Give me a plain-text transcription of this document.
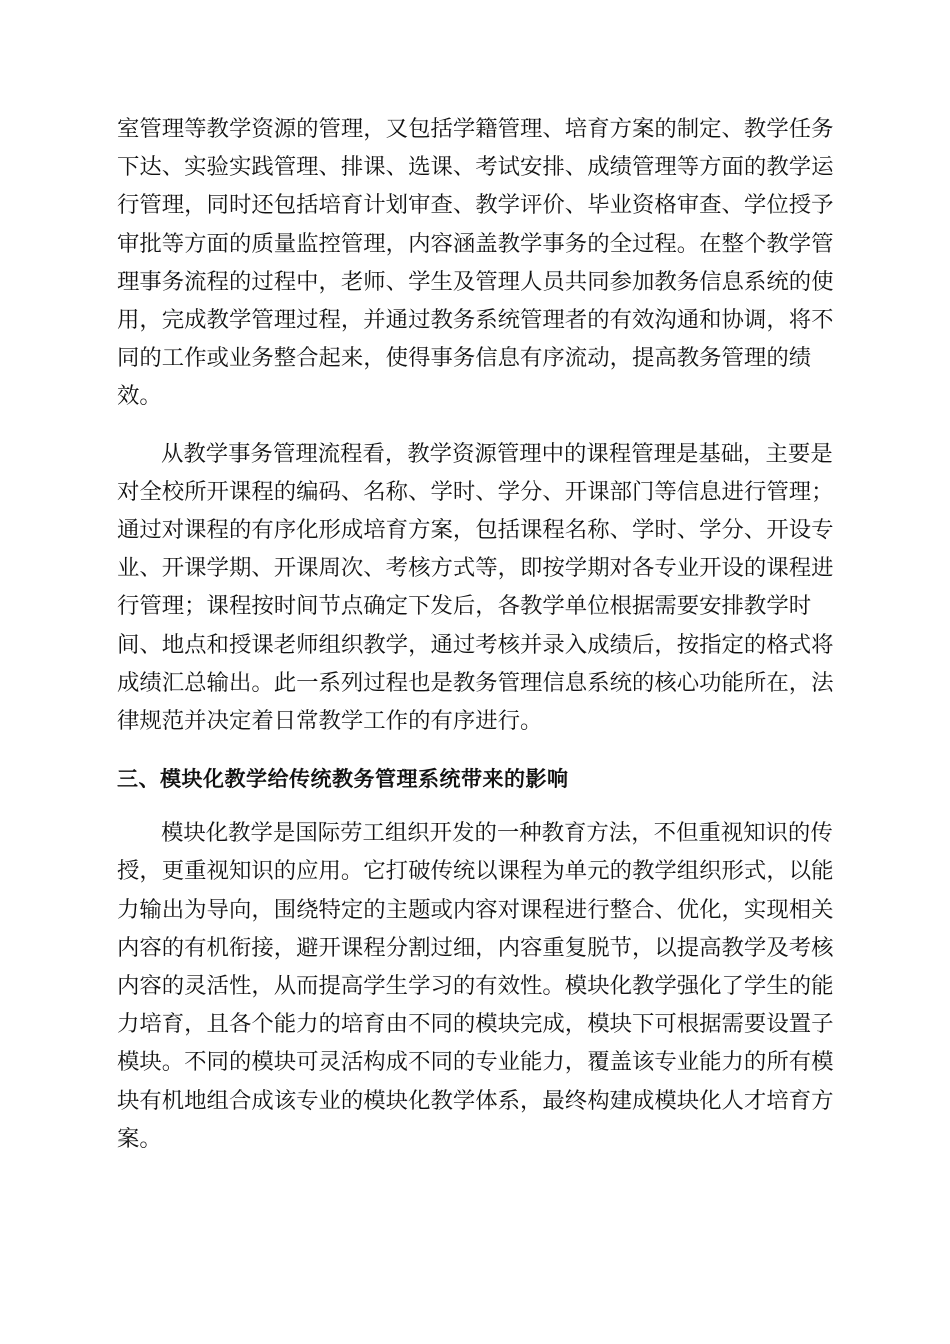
室管理等教学资源的管理，又包括学籍管理、培育方案的制定、教学任务
下达、实验实践管理、排课、选课、考试安排、成绩管理等方面的教学运
行管理，同时还包括培育计划审查、教学评价、毕业资格审查、学位授予
审批等方面的质量监控管理，内容涵盖教学事务的全过程。在整个教学管
理事务流程的过程中，老师、学生及管理人员共同参加教务信息系统的使
用，完成教学管理过程，并通过教务系统管理者的有效沟通和协调，将不
同的工作或业务整合起来，使得事务信息有序流动，提高教务管理的绩
效。

从教学事务管理流程看，教学资源管理中的课程管理是基础，主要是
对全校所开课程的编码、名称、学时、学分、开课部门等信息进行管理；
通过对课程的有序化形成培育方案，包括课程名称、学时、学分、开设专
业、开课学期、开课周次、考核方式等，即按学期对各专业开设的课程进
行管理；课程按时间节点确定下发后，各教学单位根据需要安排教学时
间、地点和授课老师组织教学，通过考核并录入成绩后，按指定的格式将
成绩汇总输出。此一系列过程也是教务管理信息系统的核心功能所在，法
律规范并决定着日常教学工作的有序进行。

三、模块化教学给传统教务管理系统带来的影响

模块化教学是国际劳工组织开发的一种教育方法，不但重视知识的传
授，更重视知识的应用。它打破传统以课程为单元的教学组织形式，以能
力输出为导向，围绕特定的主题或内容对课程进行整合、优化，实现相关
内容的有机衔接，避开课程分割过细，内容重复脱节，以提高教学及考核
内容的灵活性，从而提高学生学习的有效性。模块化教学强化了学生的能
力培育，且各个能力的培育由不同的模块完成，模块下可根据需要设置子
模块。不同的模块可灵活构成不同的专业能力，覆盖该专业能力的所有模
块有机地组合成该专业的模块化教学体系，最终构建成模块化人才培育方
案。
